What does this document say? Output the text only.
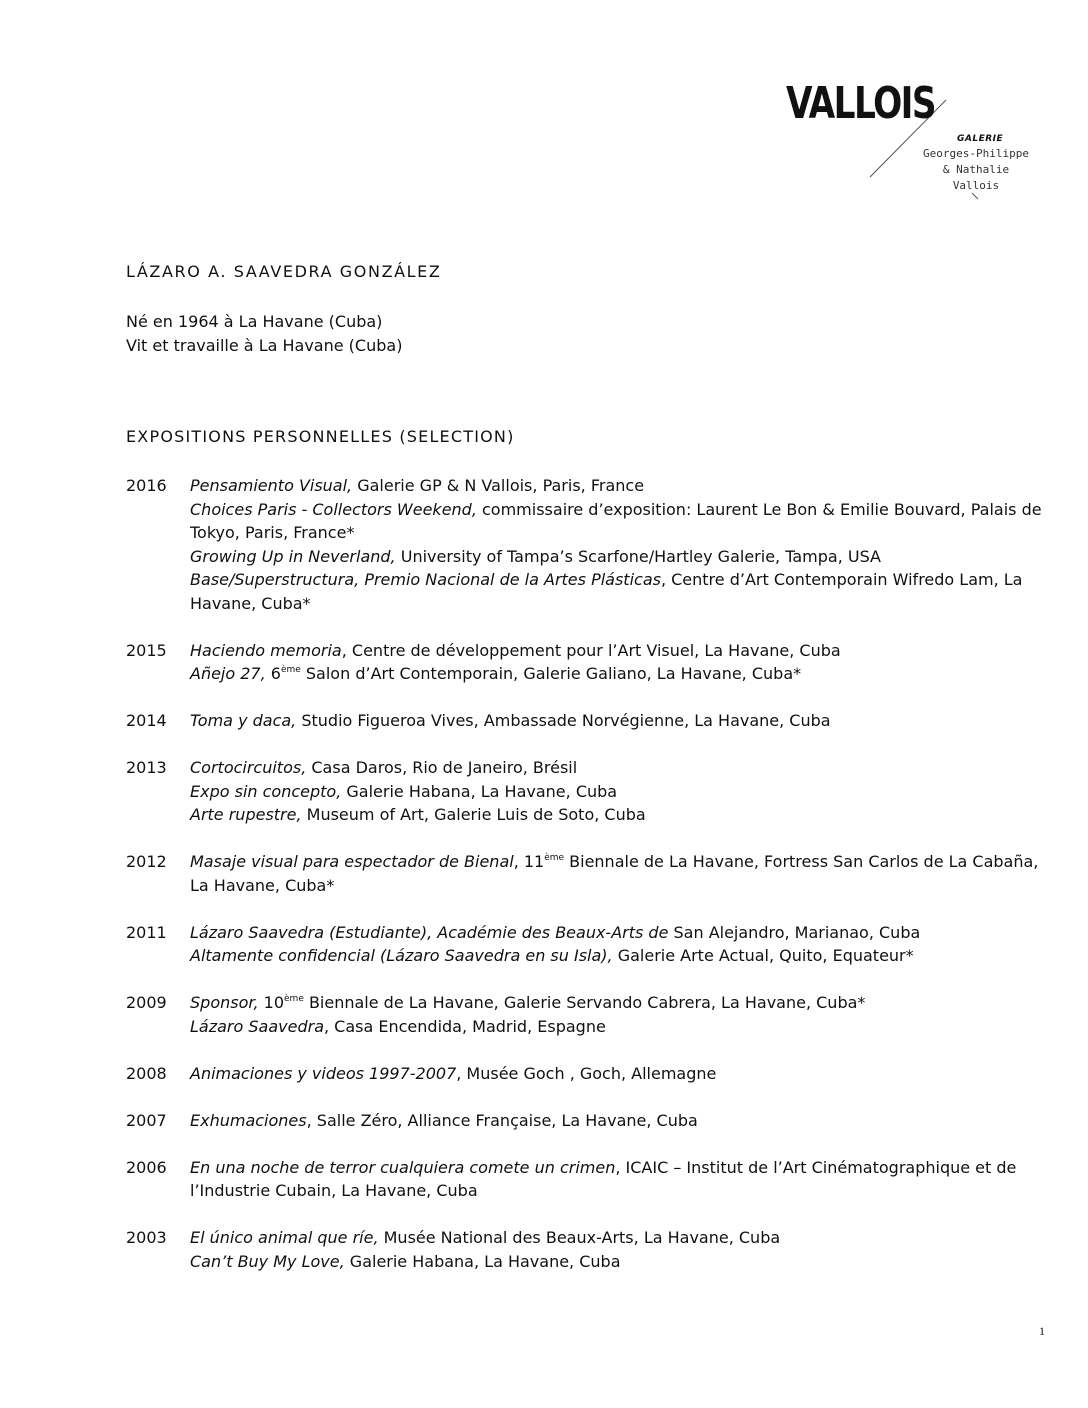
VALLOIS
GALERIE
Georges-Philippe
& Nathalie
Vallois
LÁZARO A. SAAVEDRA GONZÁLEZ
Né en 1964 à La Havane (Cuba)
Vit et travaille à La Havane (Cuba)
EXPOSITIONS PERSONNELLES (SELECTION)
2016	Pensamiento Visual, Galerie GP & N Vallois, Paris, France
Choices Paris - Collectors Weekend, commissaire d’exposition: Laurent Le Bon & Emilie Bouvard, Palais de Tokyo, Paris, France*
Growing Up in Neverland, University of Tampa’s Scarfone/Hartley Galerie, Tampa, USA
Base/Superstructura, Premio Nacional de la Artes Plásticas, Centre d’Art Contemporain Wifredo Lam, La Havane, Cuba*
2015	Haciendo memoria, Centre de développement pour l’Art Visuel, La Havane, Cuba
Añejo 27, 6ème Salon d’Art Contemporain, Galerie Galiano, La Havane, Cuba*
2014	Toma y daca, Studio Figueroa Vives, Ambassade Norvégienne, La Havane, Cuba
2013	Cortocircuitos, Casa Daros, Rio de Janeiro, Brésil
Expo sin concepto, Galerie Habana, La Havane, Cuba
Arte rupestre, Museum of Art, Galerie Luis de Soto, Cuba
2012	Masaje visual para espectador de Bienal, 11ème Biennale de La Havane, Fortress San Carlos de La Cabaña, La Havane, Cuba*
2011	Lázaro Saavedra (Estudiante), Académie des Beaux-Arts de San Alejandro, Marianao, Cuba
Altamente confidencial (Lázaro Saavedra en su Isla), Galerie Arte Actual, Quito, Equateur*
2009	Sponsor, 10ème Biennale de La Havane, Galerie Servando Cabrera, La Havane, Cuba*
Lázaro Saavedra, Casa Encendida, Madrid, Espagne
2008	Animaciones y videos 1997-2007, Musée Goch , Goch, Allemagne
2007	Exhumaciones, Salle Zéro, Alliance Française, La Havane, Cuba
2006	En una noche de terror cualquiera comete un crimen, ICAIC – Institut de l’Art Cinématographique et de l’Industrie Cubain, La Havane, Cuba
2003	El único animal que ríe, Musée National des Beaux-Arts, La Havane, Cuba
Can’t Buy My Love, Galerie Habana, La Havane, Cuba
1
